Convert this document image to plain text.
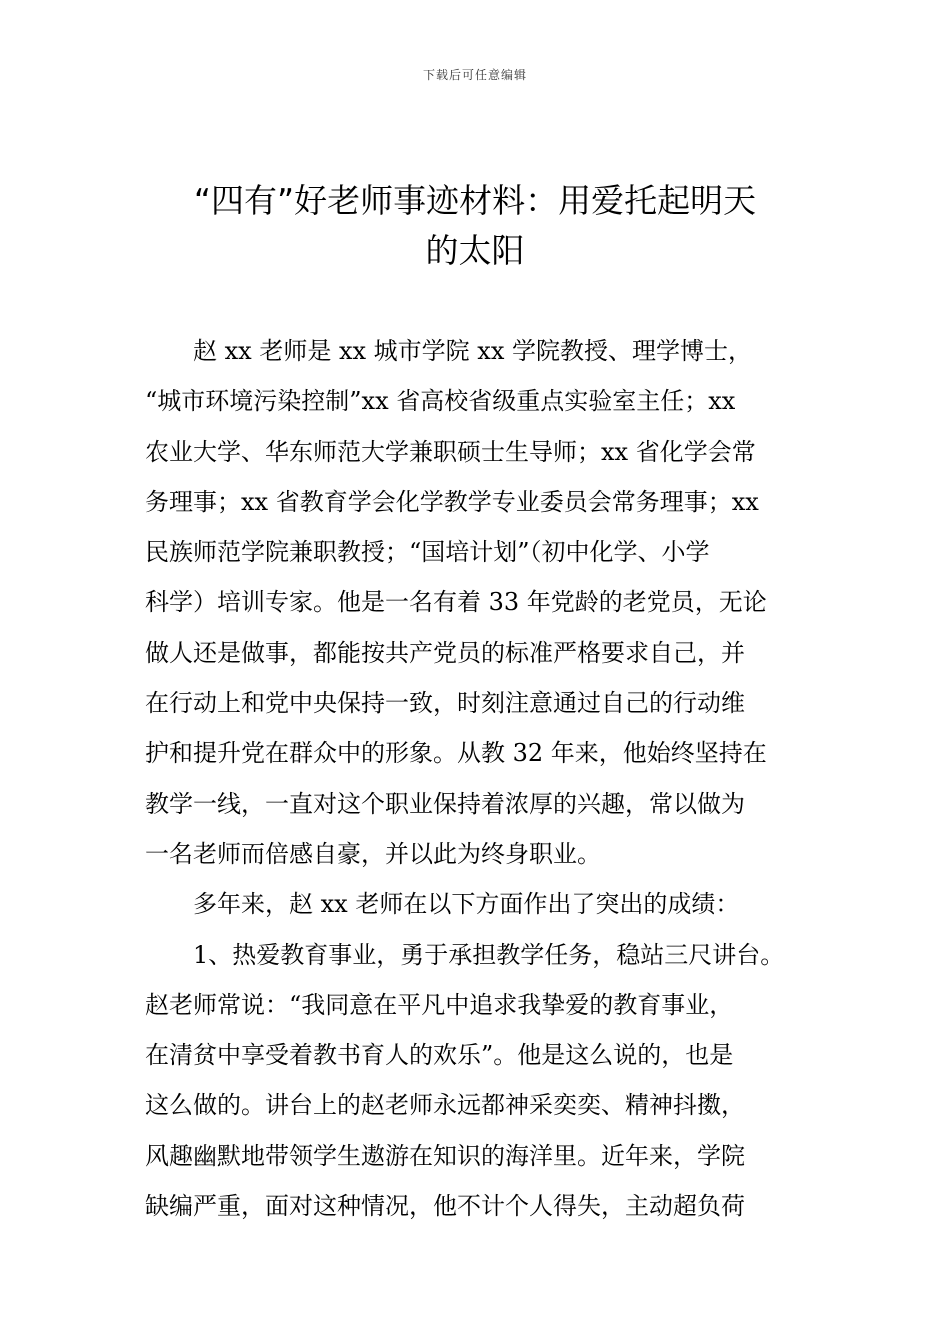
下载后可任意编辑
“四有”好老师事迹材料：用爱托起明天
的太阳
赵 xx 老师是 xx 城市学院 xx 学院教授、理学博士，
“城市环境污染控制”xx 省高校省级重点实验室主任；xx
农业大学、华东师范大学兼职硕士生导师；xx 省化学会常
务理事；xx 省教育学会化学教学专业委员会常务理事；xx
民族师范学院兼职教授；“国培计划”（初中化学、小学
科学）培训专家。他是一名有着 33 年党龄的老党员，无论
做人还是做事，都能按共产党员的标准严格要求自己，并
在行动上和党中央保持一致，时刻注意通过自己的行动维
护和提升党在群众中的形象。从教 32 年来，他始终坚持在
教学一线，一直对这个职业保持着浓厚的兴趣，常以做为
一名老师而倍感自豪，并以此为终身职业。
多年来，赵 xx 老师在以下方面作出了突出的成绩：
1、热爱教育事业，勇于承担教学任务，稳站三尺讲台。
赵老师常说：“我同意在平凡中追求我挚爱的教育事业，
在清贫中享受着教书育人的欢乐”。他是这么说的，也是
这么做的。讲台上的赵老师永远都神采奕奕、精神抖擞，
风趣幽默地带领学生遨游在知识的海洋里。近年来，学院
缺编严重，面对这种情况，他不计个人得失，主动超负荷
